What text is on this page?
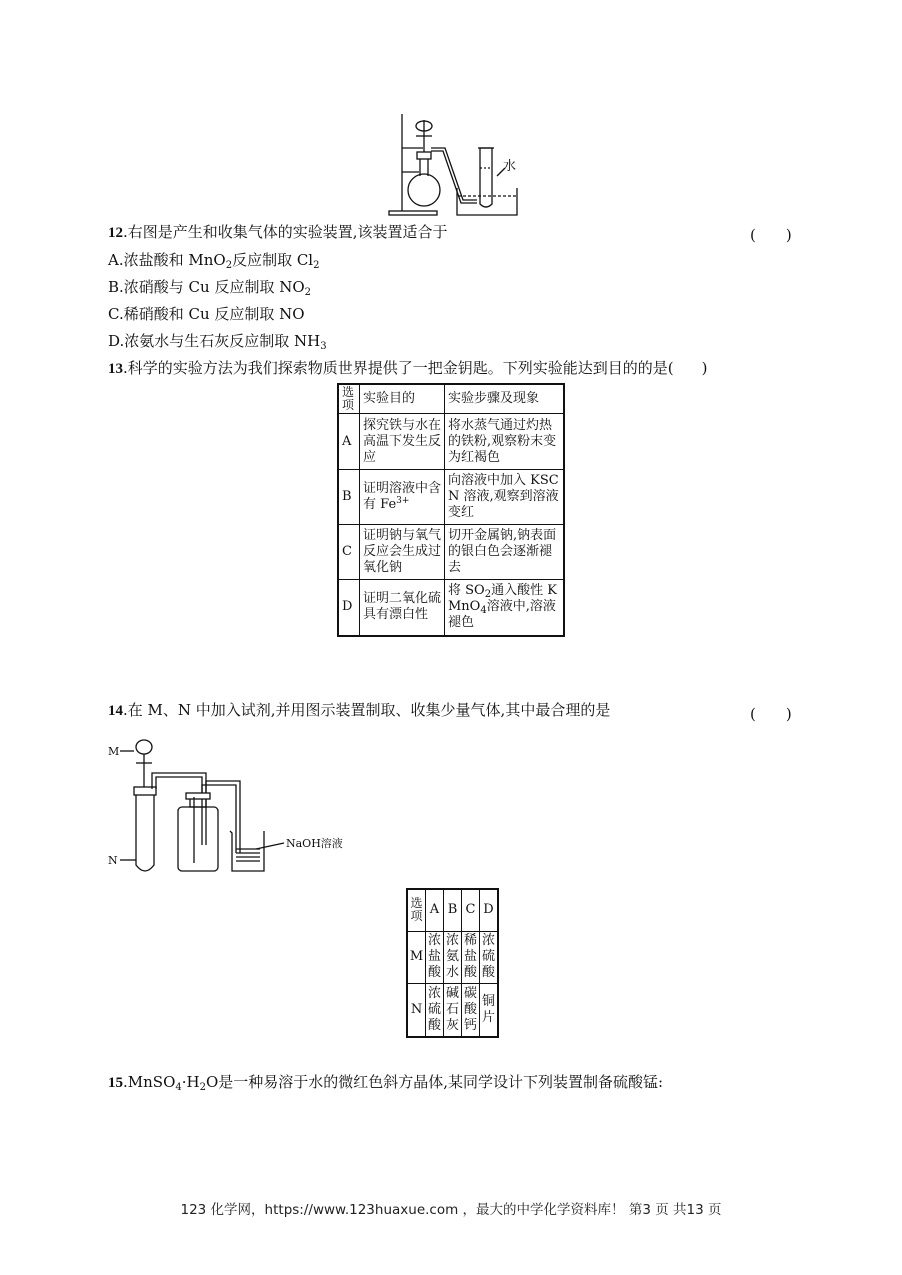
水
12.右图是产生和收集气体的实验装置,该装置适合于	(　　)
A.浓盐酸和 MnO$_2$反应制取 $Cl_2$
B.浓硝酸与 Cu 反应制取 $NO_2$
C.稀硝酸和 Cu 反应制取 NO
D.浓氨水与生石灰反应制取 $NH_3$
13.科学的实验方法为我们探索物质世界提供了一把金钥匙。下列实验能达到目的的是( )
选项	实验目的	实验步骤及现象
A	探究铁与水在高温下发生反应	将水蒸气通过灼热的铁粉,观察粉末变为红褐色
B	证明溶液中含有 $Fe^{3+}$	向溶液中加入 KSCN 溶液,观察到溶液变红
C	证明钠与氧气反应会生成过氧化钠	切开金属钠,钠表面的银白色会逐渐褪去
D	证明二氧化硫具有漂白性	将 $SO_2$通入酸性 KMnO$_4$溶液中,溶液褪色
14.在 M、N 中加入试剂,并用图示装置制取、收集少量气体,其中最合理的是	(　　)
M
N
NaOH溶液
选项	A	B	C	D
M	浓盐酸	浓氨水	稀盐酸	浓硫酸
N	浓硫酸	碱石灰	碳酸钙	铜片
$15.MnSO_4\cdot H_2O$是一种易溶于水的微红色斜方晶体,某同学设计下列装置制备硫酸锰:
123 化学网，https://www.123huaxue.com ，最大的中学化学资料库！ 第3 页 共13 页
